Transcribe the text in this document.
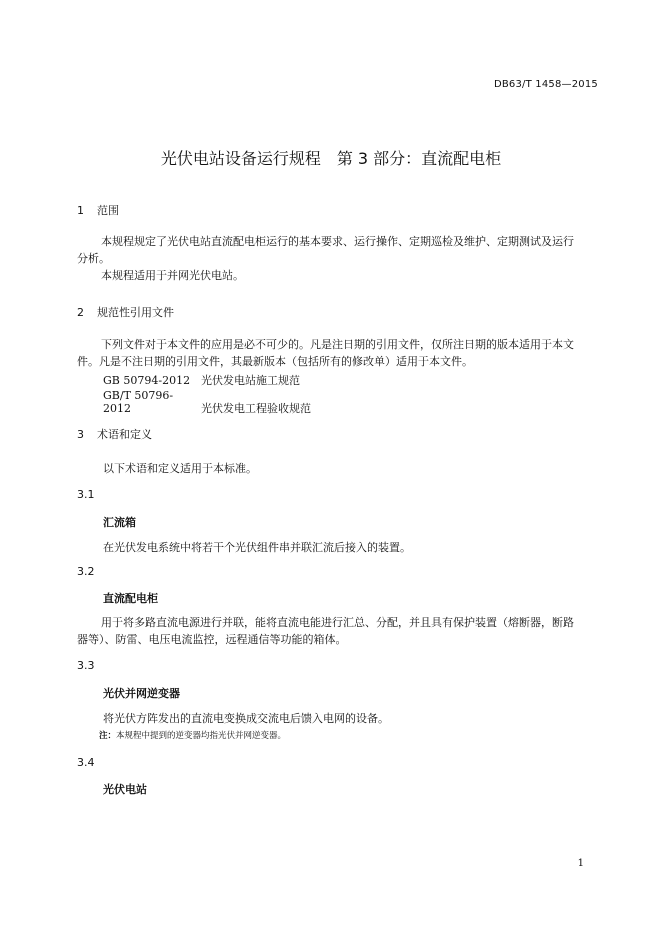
DB63/T 1458—2015
光伏电站设备运行规程　第 3 部分：直流配电柜
1 范围
本规程规定了光伏电站直流配电柜运行的基本要求、运行操作、定期巡检及维护、定期测试及运行
分析。
本规程适用于并网光伏电站。
2 规范性引用文件
下列文件对于本文件的应用是必不可少的。凡是注日期的引用文件，仅所注日期的版本适用于本文
件。凡是不注日期的引用文件，其最新版本（包括所有的修改单）适用于本文件。
GB 50794-2012 光伏发电站施工规范
GB/T 50796-2012	光伏发电工程验收规范
3 术语和定义
以下术语和定义适用于本标准。
3.1
汇流箱
在光伏发电系统中将若干个光伏组件串并联汇流后接入的装置。
3.2
直流配电柜
用于将多路直流电源进行并联，能将直流电能进行汇总、分配，并且具有保护装置（熔断器，断路
器等）、防雷、电压电流监控，远程通信等功能的箱体。
3.3
光伏并网逆变器
将光伏方阵发出的直流电变换成交流电后馈入电网的设备。
注：本规程中提到的逆变器均指光伏并网逆变器。
3.4
光伏电站
1
